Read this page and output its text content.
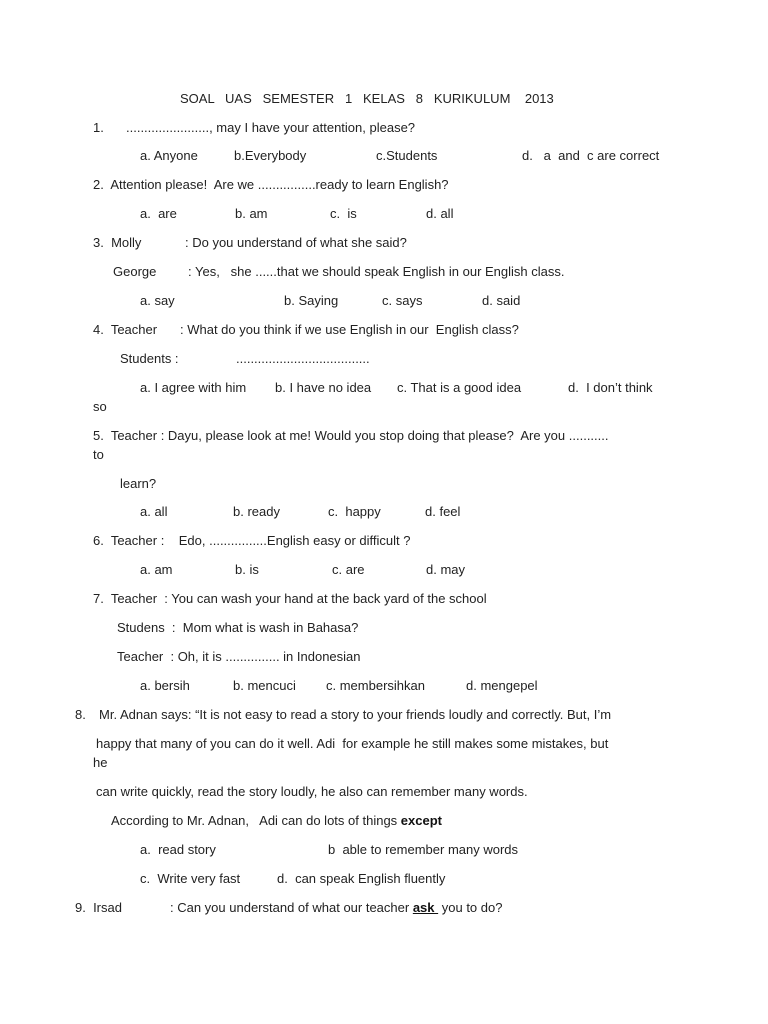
SOAL   UAS   SEMESTER   1   KELAS   8   KURIKULUM    2013
1. ......................., may I have your attention, please?
a. Anyone	b.Everybody	c.Students	d.   a  and  c are correct
2.  Attention please!  Are we ................ready to learn English?
a.  are	b. am	c.  is	d. all
3.  Molly	: Do you understand of what she said?
George : Yes,   she ......that we should speak English in our English class.
a. say	b. Saying	c. says	d. said
4.  Teacher : What do you think if we use English in our  English class?
Students :	.....................................
a. I agree with him b. I have no idea c. That is a good idea	d.  I don’t think
so
5.  Teacher : Dayu, please look at me! Would you stop doing that please?  Are you ...........
to
learn?
a. all	b. ready	c.  happy	d. feel
6.  Teacher :    Edo, ................English easy or difficult ?
a. am	b. is	c. are	d. may
7.  Teacher  : You can wash your hand at the back yard of the school
Studens  :  Mom what is wash in Bahasa?
Teacher  : Oh, it is ............... in Indonesian
a. bersih	b. mencuci c. membersihkan	d. mengepel
8. Mr. Adnan says: “It is not easy to read a story to your friends loudly and correctly. But, I’m
happy that many of you can do it well. Adi  for example he still makes some mistakes, but
he
can write quickly, read the story loudly, he also can remember many words.
According to Mr. Adnan,   Adi can do lots of things except
a.  read story	b  able to remember many words
c.  Write very fast	d.  can speak English fluently
9.  Irsad	: Can you understand of what our teacher ask  you to do?
